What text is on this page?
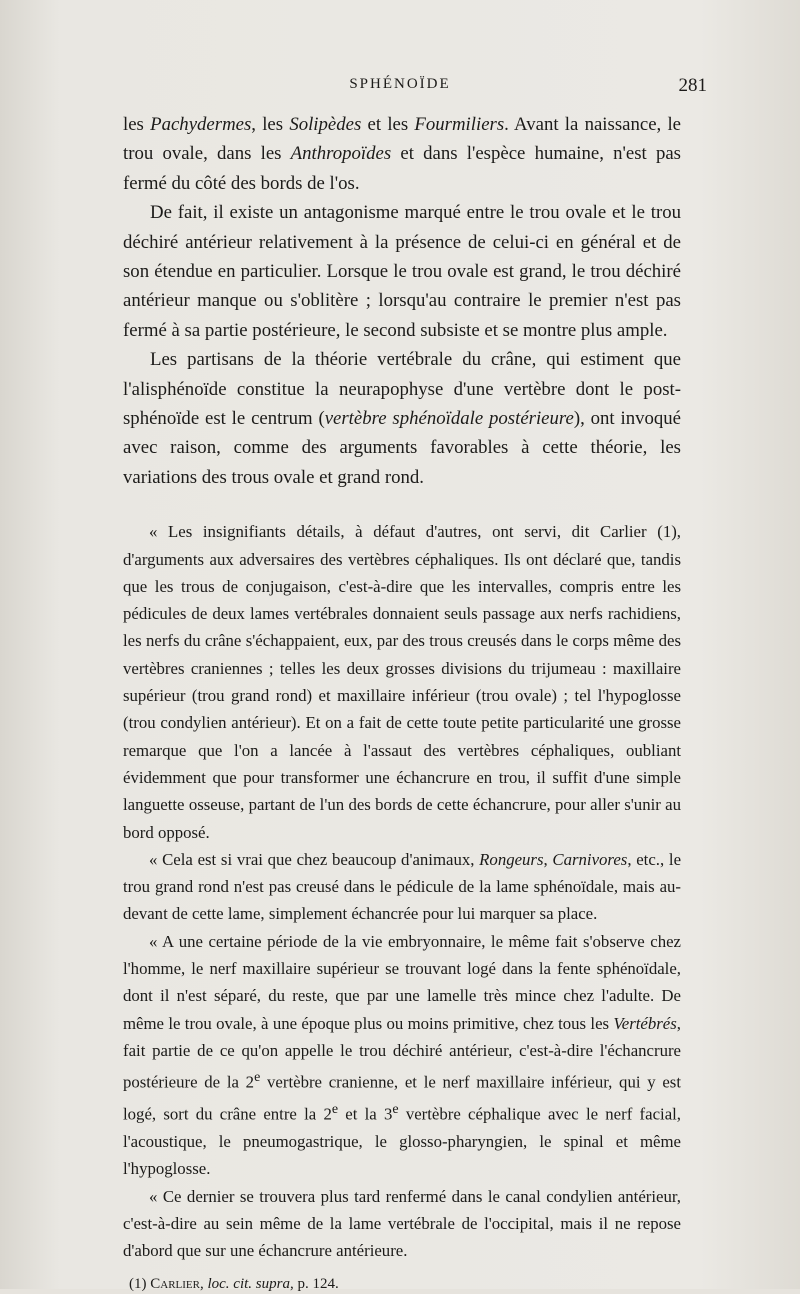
SPHÉNOÏDE	281

les Pachydermes, les Solipèdes et les Fourmiliers. Avant la naissance, le trou ovale, dans les Anthropoïdes et dans l'espèce humaine, n'est pas fermé du côté des bords de l'os.

De fait, il existe un antagonisme marqué entre le trou ovale et le trou déchiré antérieur relativement à la présence de celui-ci en général et de son étendue en particulier. Lorsque le trou ovale est grand, le trou déchiré antérieur manque ou s'oblitère ; lorsqu'au contraire le premier n'est pas fermé à sa partie postérieure, le second subsiste et se montre plus ample.

Les partisans de la théorie vertébrale du crâne, qui estiment que l'alisphénoïde constitue la neurapophyse d'une vertèbre dont le post-sphénoïde est le centrum (vertèbre sphénoïdale postérieure), ont invoqué avec raison, comme des arguments favorables à cette théorie, les variations des trous ovale et grand rond.

« Les insignifiants détails, à défaut d'autres, ont servi, dit Carlier (1), d'arguments aux adversaires des vertèbres céphaliques. Ils ont déclaré que, tandis que les trous de conjugaison, c'est-à-dire que les intervalles, compris entre les pédicules de deux lames vertébrales donnaient seuls passage aux nerfs rachidiens, les nerfs du crâne s'échappaient, eux, par des trous creusés dans le corps même des vertèbres craniennes ; telles les deux grosses divisions du trijumeau : maxillaire supérieur (trou grand rond) et maxillaire inférieur (trou ovale) ; tel l'hypoglosse (trou condylien antérieur). Et on a fait de cette toute petite particularité une grosse remarque que l'on a lancée à l'assaut des vertèbres céphaliques, oubliant évidemment que pour transformer une échancrure en trou, il suffit d'une simple languette osseuse, partant de l'un des bords de cette échancrure, pour aller s'unir au bord opposé.

« Cela est si vrai que chez beaucoup d'animaux, Rongeurs, Carnivores, etc., le trou grand rond n'est pas creusé dans le pédicule de la lame sphénoïdale, mais au-devant de cette lame, simplement échancrée pour lui marquer sa place.

« A une certaine période de la vie embryonnaire, le même fait s'observe chez l'homme, le nerf maxillaire supérieur se trouvant logé dans la fente sphénoïdale, dont il n'est séparé, du reste, que par une lamelle très mince chez l'adulte. De même le trou ovale, à une époque plus ou moins primitive, chez tous les Vertébrés, fait partie de ce qu'on appelle le trou déchiré antérieur, c'est-à-dire l'échancrure postérieure de la 2e vertèbre cranienne, et le nerf maxillaire inférieur, qui y est logé, sort du crâne entre la 2e et la 3e vertèbre céphalique avec le nerf facial, l'acoustique, le pneumogastrique, le glosso-pharyngien, le spinal et même l'hypoglosse.

« Ce dernier se trouvera plus tard renfermé dans le canal condylien antérieur, c'est-à-dire au sein même de la lame vertébrale de l'occipital, mais il ne repose d'abord que sur une échancrure antérieure.

(1) Carlier, loc. cit. supra, p. 124.
